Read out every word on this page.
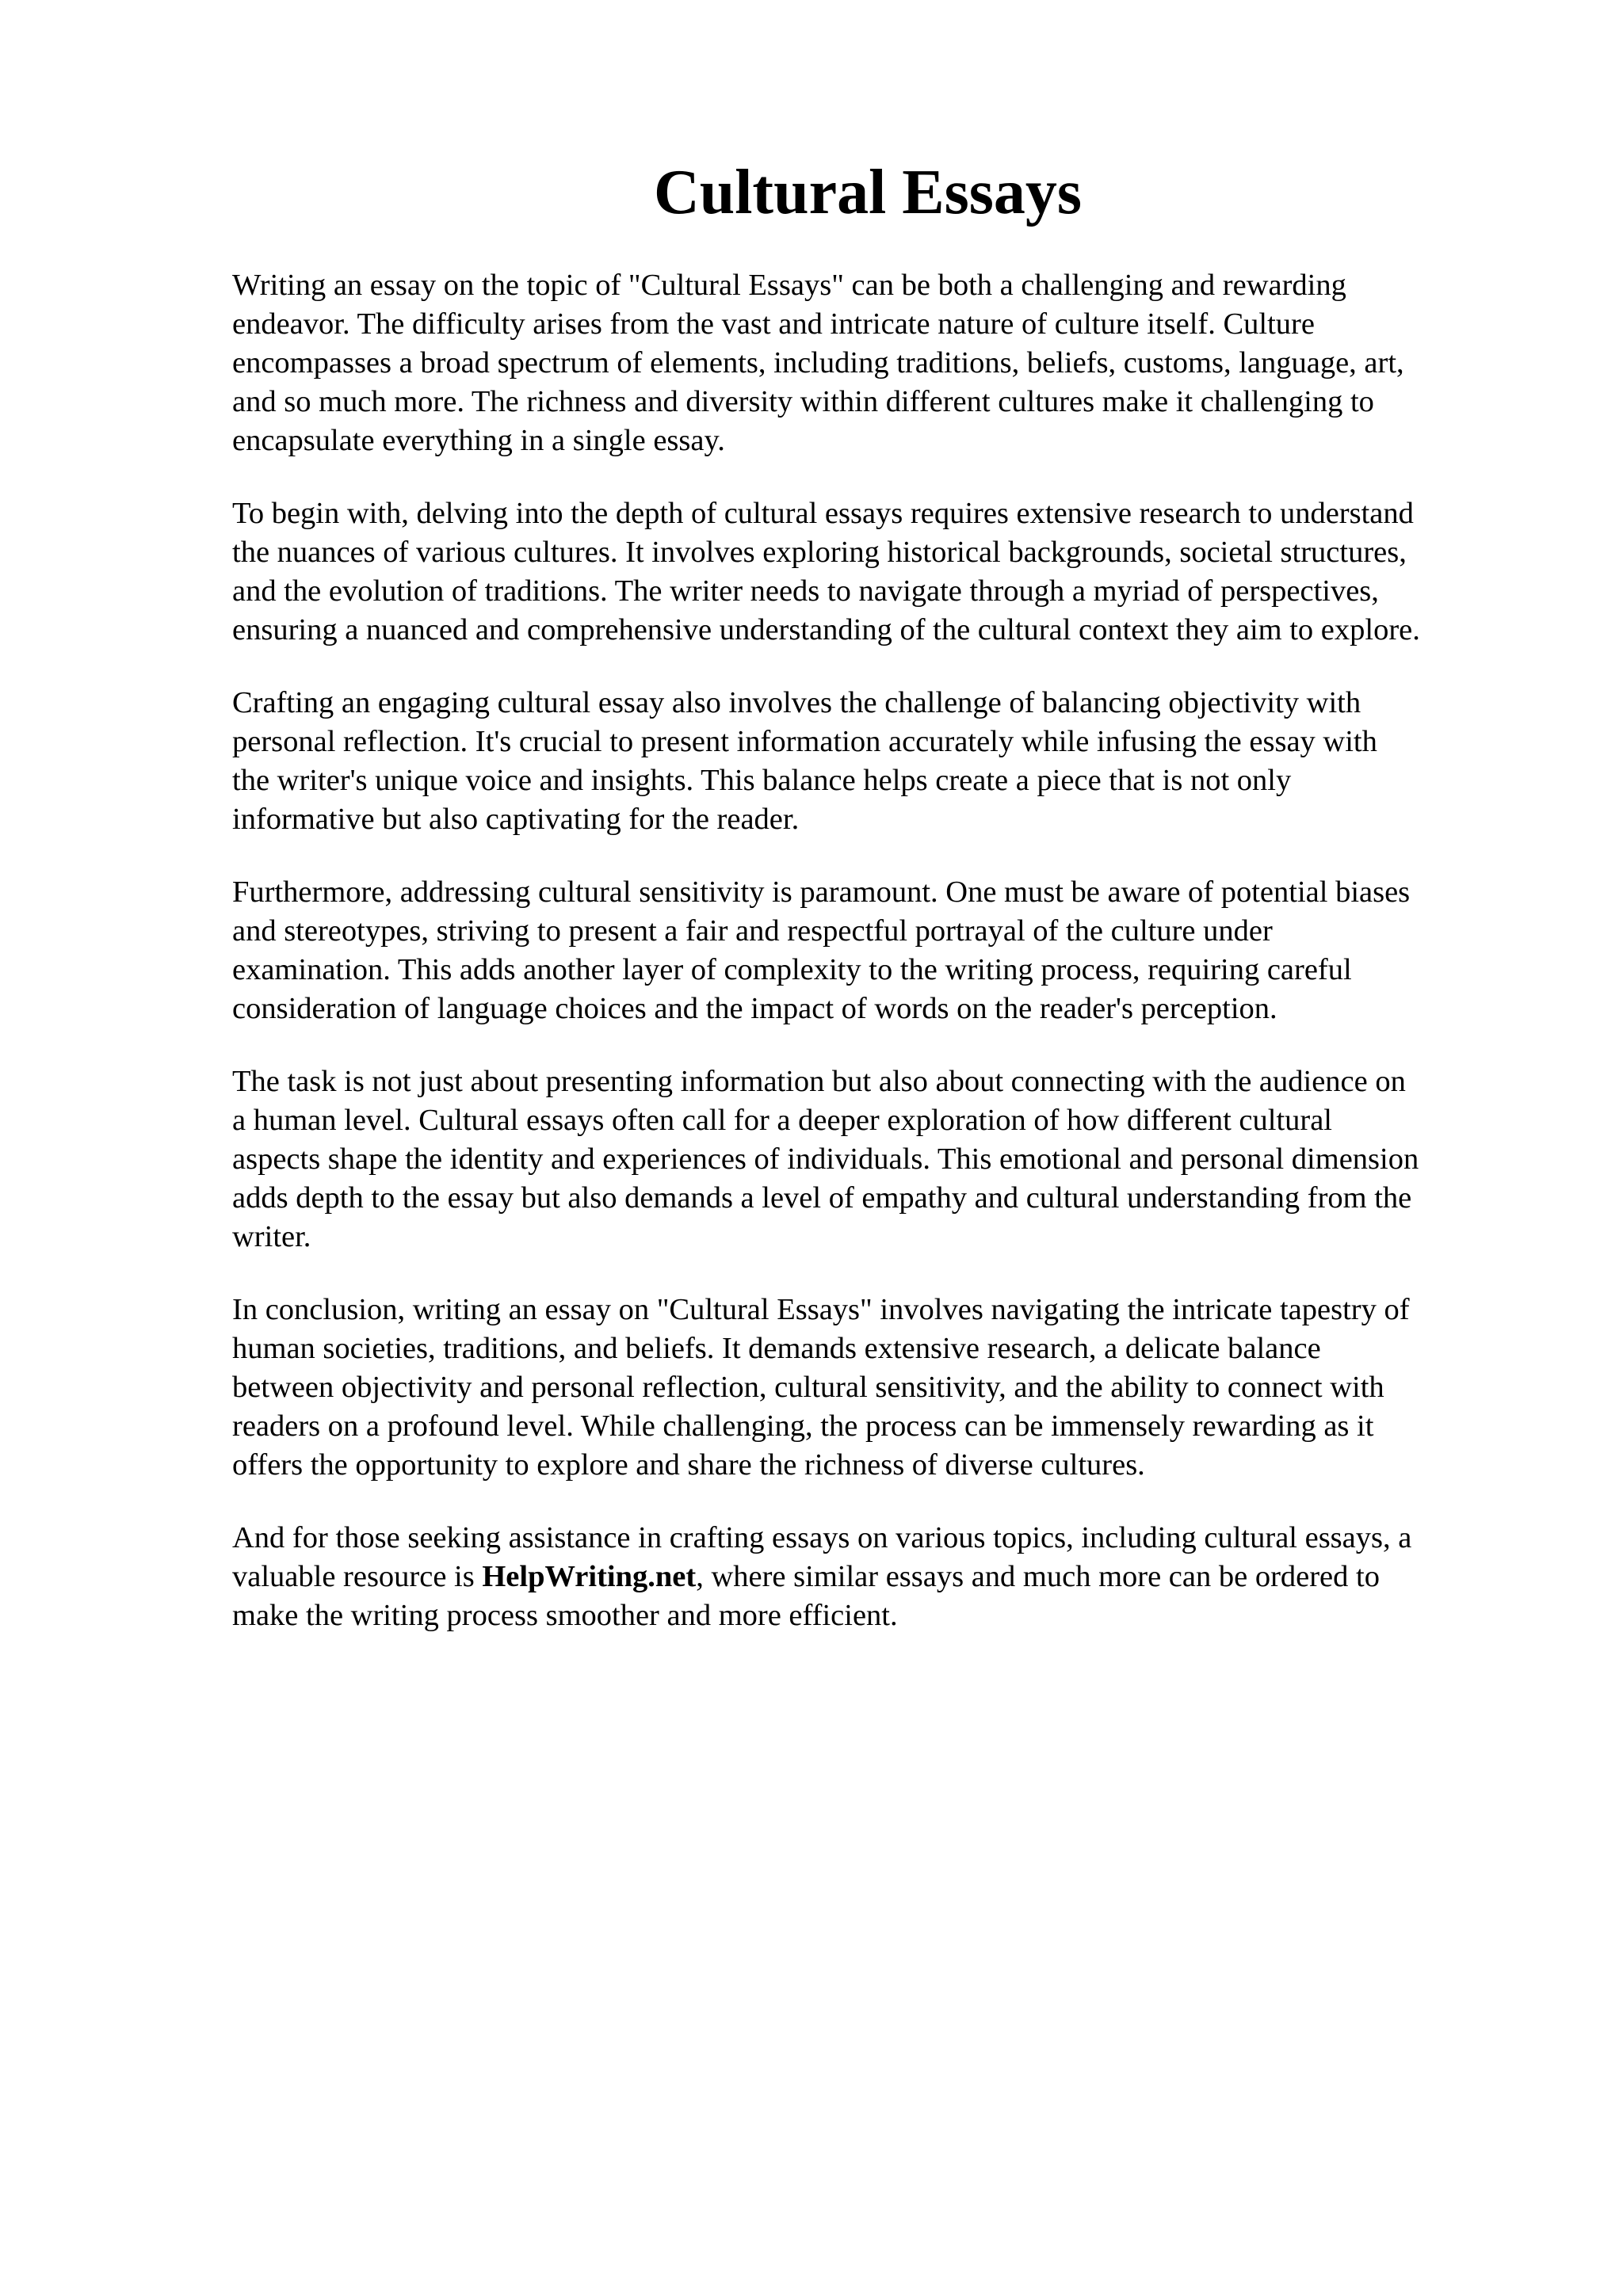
Cultural Essays

Writing an essay on the topic of "Cultural Essays" can be both a challenging and rewarding
endeavor. The difficulty arises from the vast and intricate nature of culture itself. Culture
encompasses a broad spectrum of elements, including traditions, beliefs, customs, language, art,
and so much more. The richness and diversity within different cultures make it challenging to
encapsulate everything in a single essay.

To begin with, delving into the depth of cultural essays requires extensive research to understand
the nuances of various cultures. It involves exploring historical backgrounds, societal structures,
and the evolution of traditions. The writer needs to navigate through a myriad of perspectives,
ensuring a nuanced and comprehensive understanding of the cultural context they aim to explore.

Crafting an engaging cultural essay also involves the challenge of balancing objectivity with
personal reflection. It's crucial to present information accurately while infusing the essay with
the writer's unique voice and insights. This balance helps create a piece that is not only
informative but also captivating for the reader.

Furthermore, addressing cultural sensitivity is paramount. One must be aware of potential biases
and stereotypes, striving to present a fair and respectful portrayal of the culture under
examination. This adds another layer of complexity to the writing process, requiring careful
consideration of language choices and the impact of words on the reader's perception.

The task is not just about presenting information but also about connecting with the audience on
a human level. Cultural essays often call for a deeper exploration of how different cultural
aspects shape the identity and experiences of individuals. This emotional and personal dimension
adds depth to the essay but also demands a level of empathy and cultural understanding from the
writer.

In conclusion, writing an essay on "Cultural Essays" involves navigating the intricate tapestry of
human societies, traditions, and beliefs. It demands extensive research, a delicate balance
between objectivity and personal reflection, cultural sensitivity, and the ability to connect with
readers on a profound level. While challenging, the process can be immensely rewarding as it
offers the opportunity to explore and share the richness of diverse cultures.

And for those seeking assistance in crafting essays on various topics, including cultural essays, a
valuable resource is HelpWriting.net, where similar essays and much more can be ordered to
make the writing process smoother and more efficient.
